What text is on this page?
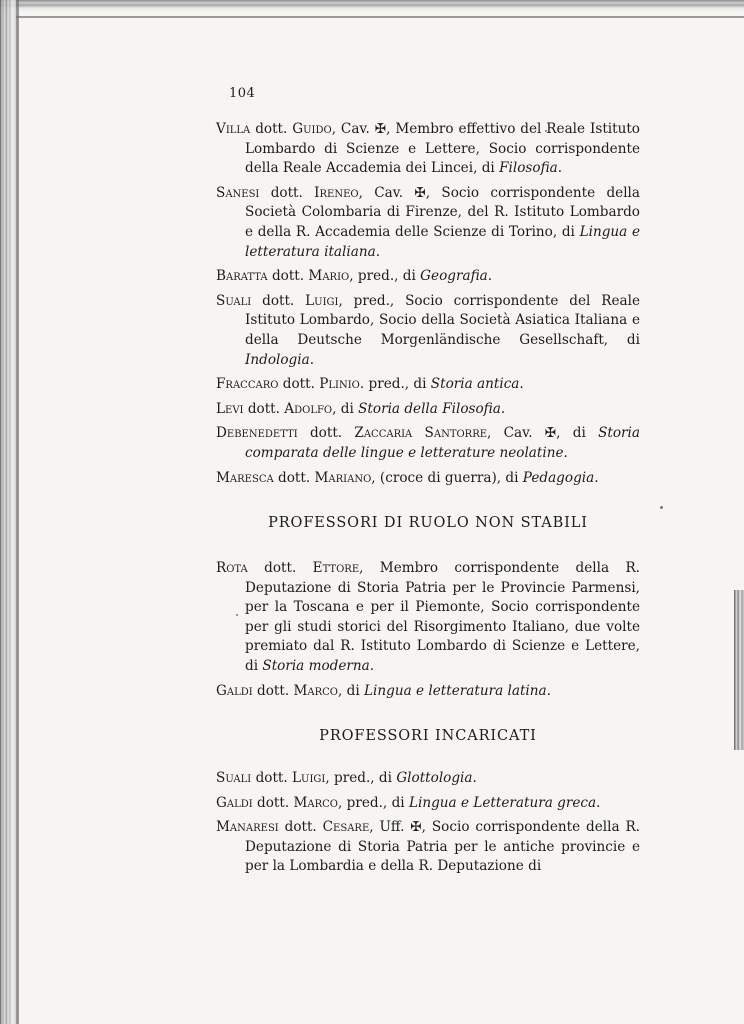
104

Villa dott. Guido, Cav. ✠, Membro effettivo del Reale Istituto Lombardo di Scienze e Lettere, Socio corrispondente della Reale Accademia dei Lincei, di Filosofia.

Sanesi dott. Ireneo, Cav. ✠, Socio corrispondente della Società Colombaria di Firenze, del R. Istituto Lombardo e della R. Accademia delle Scienze di Torino, di Lingua e letteratura italiana.

Baratta dott. Mario, pred., di Geografia.

Suali dott. Luigi, pred., Socio corrispondente del Reale Istituto Lombardo, Socio della Società Asiatica Italiana e della Deutsche Morgenländische Gesellschaft, di Indologia.

Fraccaro dott. Plinio. pred., di Storia antica.

Levi dott. Adolfo, di Storia della Filosofia.

Debenedetti dott. Zaccaria Santorre, Cav. ✠, di Storia comparata delle lingue e letterature neolatine.

Maresca dott. Mariano, (croce di guerra), di Pedagogia.

PROFESSORI DI RUOLO NON STABILI

Rota dott. Ettore, Membro corrispondente della R. Deputazione di Storia Patria per le Provincie Parmensi, per la Toscana e per il Piemonte, Socio corrispondente per gli studi storici del Risorgimento Italiano, due volte premiato dal R. Istituto Lombardo di Scienze e Lettere, di Storia moderna.

Galdi dott. Marco, di Lingua e letteratura latina.

PROFESSORI INCARICATI

Suali dott. Luigi, pred., di Glottologia.

Galdi dott. Marco, pred., di Lingua e Letteratura greca.

Manaresi dott. Cesare, Uff. ✠, Socio corrispondente della R. Deputazione di Storia Patria per le antiche provincie e per la Lombardia e della R. Deputazione di
